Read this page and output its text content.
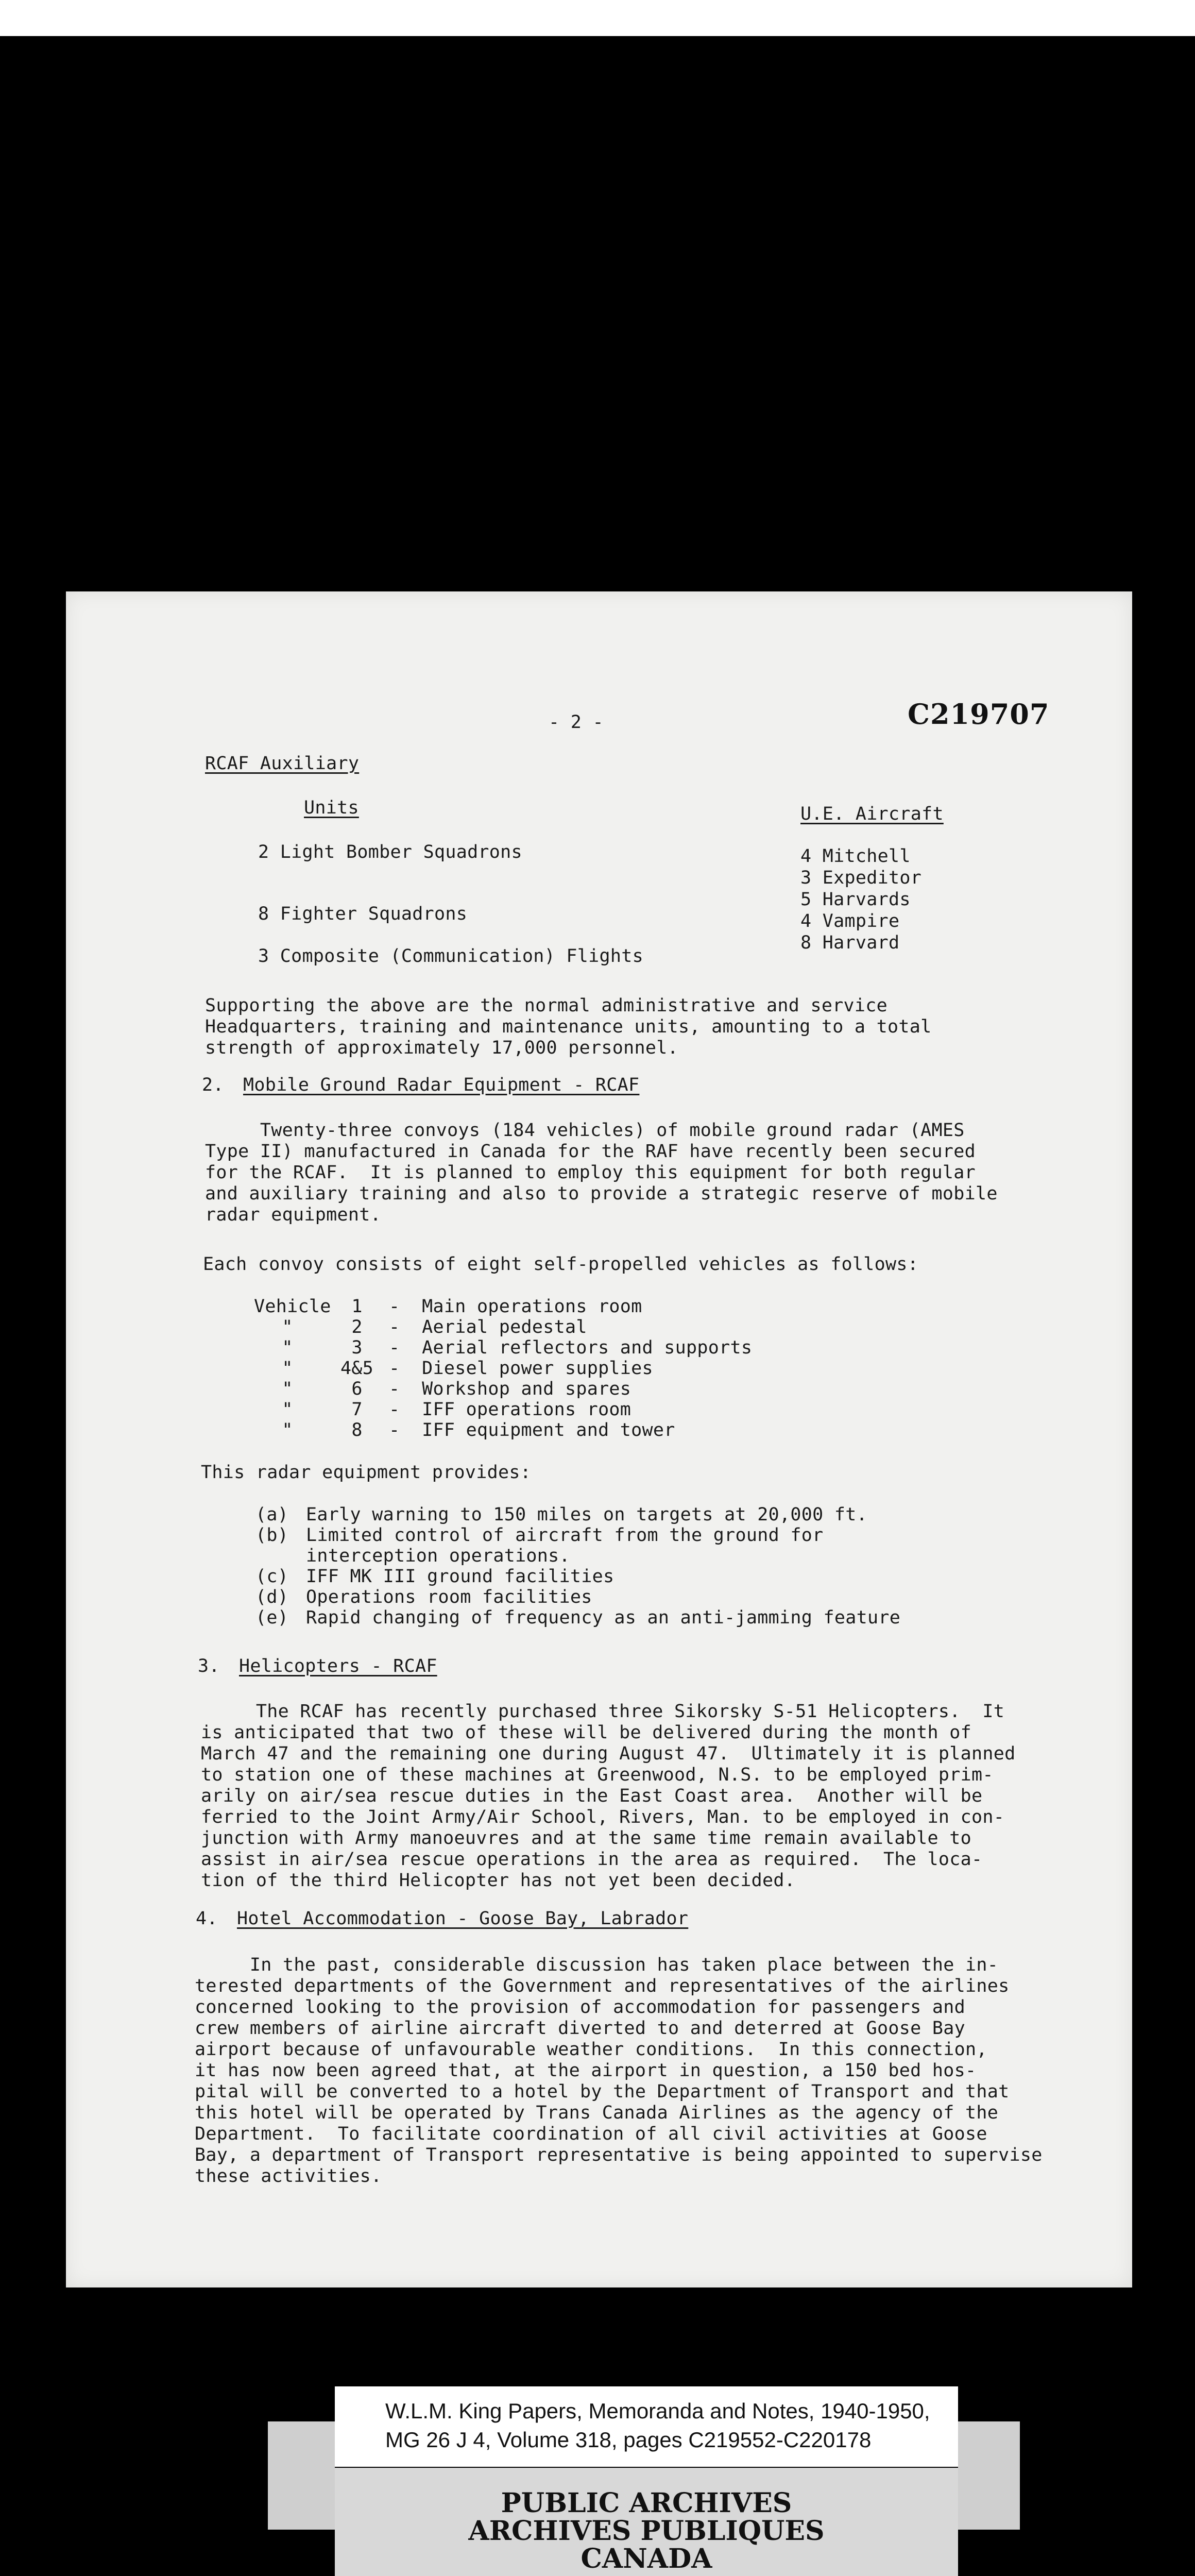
- 2 -	C219707
RCAF Auxiliary
Units	U.E. Aircraft
2 Light Bomber Squadrons
8 Fighter Squadrons
3 Composite (Communication) Flights
4 Mitchell
3 Expeditor
5 Harvards
4 Vampire
8 Harvard
Supporting the above are the normal administrative and service
Headquarters, training and maintenance units, amounting to a total
strength of approximately 17,000 personnel.
2. Mobile Ground Radar Equipment - RCAF
Twenty-three convoys (184 vehicles) of mobile ground radar (AMES
Type II) manufactured in Canada for the RAF have recently been secured
for the RCAF.  It is planned to employ this equipment for both regular
and auxiliary training and also to provide a strategic reserve of mobile
radar equipment.
Each convoy consists of eight self-propelled vehicles as follows:
Vehicle	1	-  Main operations room
"	2	-  Aerial pedestal
"	3	-  Aerial reflectors and supports
"	4&5 -  Diesel power supplies
"	6	-  Workshop and spares
"	7	-  IFF operations room
"	8	-  IFF equipment and tower
This radar equipment provides:
(a) Early warning to 150 miles on targets at 20,000 ft.
(b) Limited control of aircraft from the ground for
interception operations.
(c) IFF MK III ground facilities
(d) Operations room facilities
(e) Rapid changing of frequency as an anti-jamming feature
3. Helicopters - RCAF
The RCAF has recently purchased three Sikorsky S-51 Helicopters.  It
is anticipated that two of these will be delivered during the month of
March 47 and the remaining one during August 47.  Ultimately it is planned
to station one of these machines at Greenwood, N.S. to be employed prim-
arily on air/sea rescue duties in the East Coast area.  Another will be
ferried to the Joint Army/Air School, Rivers, Man. to be employed in con-
junction with Army manoeuvres and at the same time remain available to
assist in air/sea rescue operations in the area as required.  The loca-
tion of the third Helicopter has not yet been decided.
4. Hotel Accommodation - Goose Bay, Labrador
In the past, considerable discussion has taken place between the in-
terested departments of the Government and representatives of the airlines
concerned looking to the provision of accommodation for passengers and
crew members of airline aircraft diverted to and deterred at Goose Bay
airport because of unfavourable weather conditions.  In this connection,
it has now been agreed that, at the airport in question, a 150 bed hos-
pital will be converted to a hotel by the Department of Transport and that
this hotel will be operated by Trans Canada Airlines as the agency of the
Department.  To facilitate coordination of all civil activities at Goose
Bay, a department of Transport representative is being appointed to supervise
these activities.
W.L.M. King Papers, Memoranda and Notes, 1940-1950,
MG 26 J 4, Volume 318, pages C219552-C220178
PUBLIC ARCHIVES
ARCHIVES PUBLIQUES
CANADA
